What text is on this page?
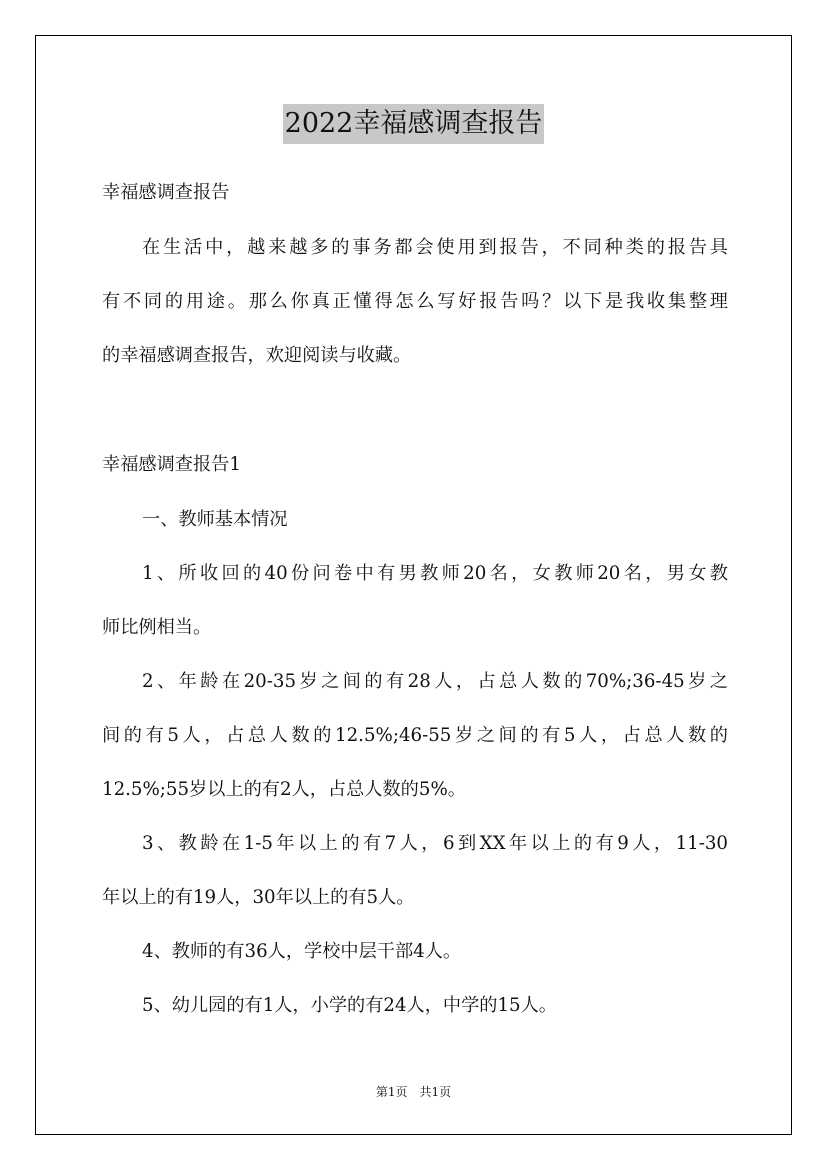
2022幸福感调查报告

幸福感调查报告

在生活中，越来越多的事务都会使用到报告，不同种类的报告具

有不同的用途。那么你真正懂得怎么写好报告吗？以下是我收集整理

的幸福感调查报告，欢迎阅读与收藏。

幸福感调查报告1

一、教师基本情况

1、所收回的40份问卷中有男教师20名，女教师20名，男女教

师比例相当。

2、年龄在20-35岁之间的有28人，占总人数的70%;36-45岁之

间的有5人，占总人数的12.5%;46-55岁之间的有5人，占总人数的

12.5%;55岁以上的有2人，占总人数的5%。

3、教龄在1-5年以上的有7人，6到XX年以上的有9人，11-30

年以上的有19人，30年以上的有5人。

4、教师的有36人，学校中层干部4人。

5、幼儿园的有1人，小学的有24人，中学的15人。

第1页　共1页
